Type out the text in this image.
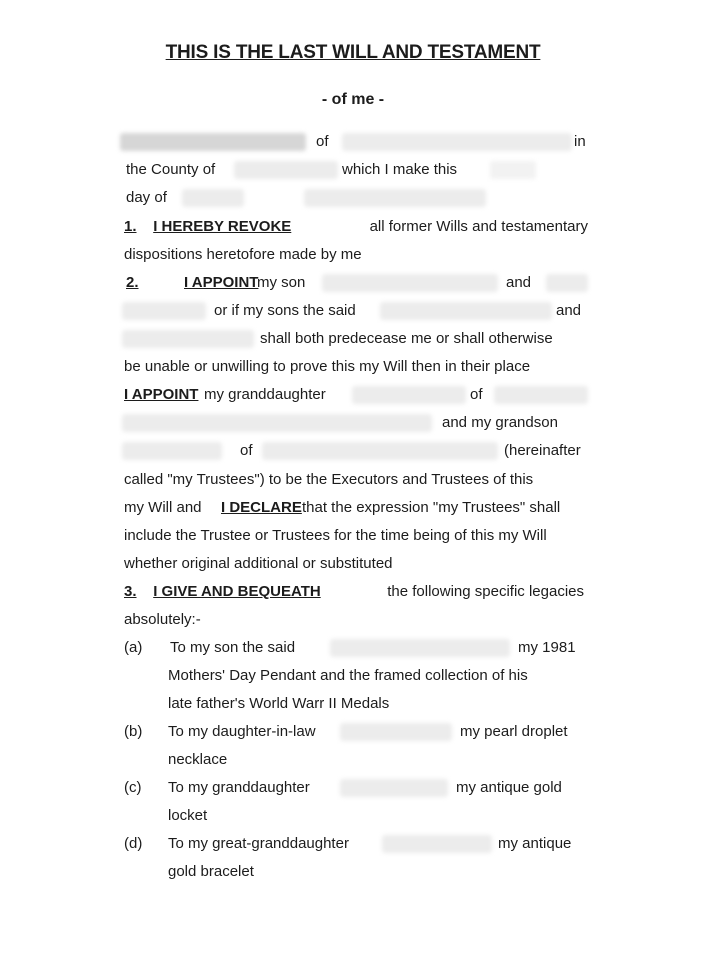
THIS IS THE LAST WILL AND TESTAMENT
- of me -
of	in
the County of	which I make this
day of
1. I HEREBY REVOKE	all former Wills and testamentary
dispositions heretofore made by me
2.	I APPOINT
my son	and
or if my sons the said	and
shall both predecease me or shall otherwise
be unable or unwilling to prove this my Will then in their place
I APPOINT my granddaughter	of
and my grandson
of	(hereinafter
called "my Trustees") to be the Executors and Trustees of this
my Will and I DECLARE that the expression "my Trustees" shall
include the Trustee or Trustees for the time being of this my Will
whether original additional or substituted
3. I GIVE AND BEQUEATH	the following specific legacies
absolutely:-
(a) To my son the said	my 1981
Mothers' Day Pendant and the framed collection of his
late father's World Warr II Medals
(b) To my daughter-in-law	my pearl droplet
necklace
(c) To my granddaughter	my antique gold
locket
(d) To my great-granddaughter	my antique
gold bracelet
